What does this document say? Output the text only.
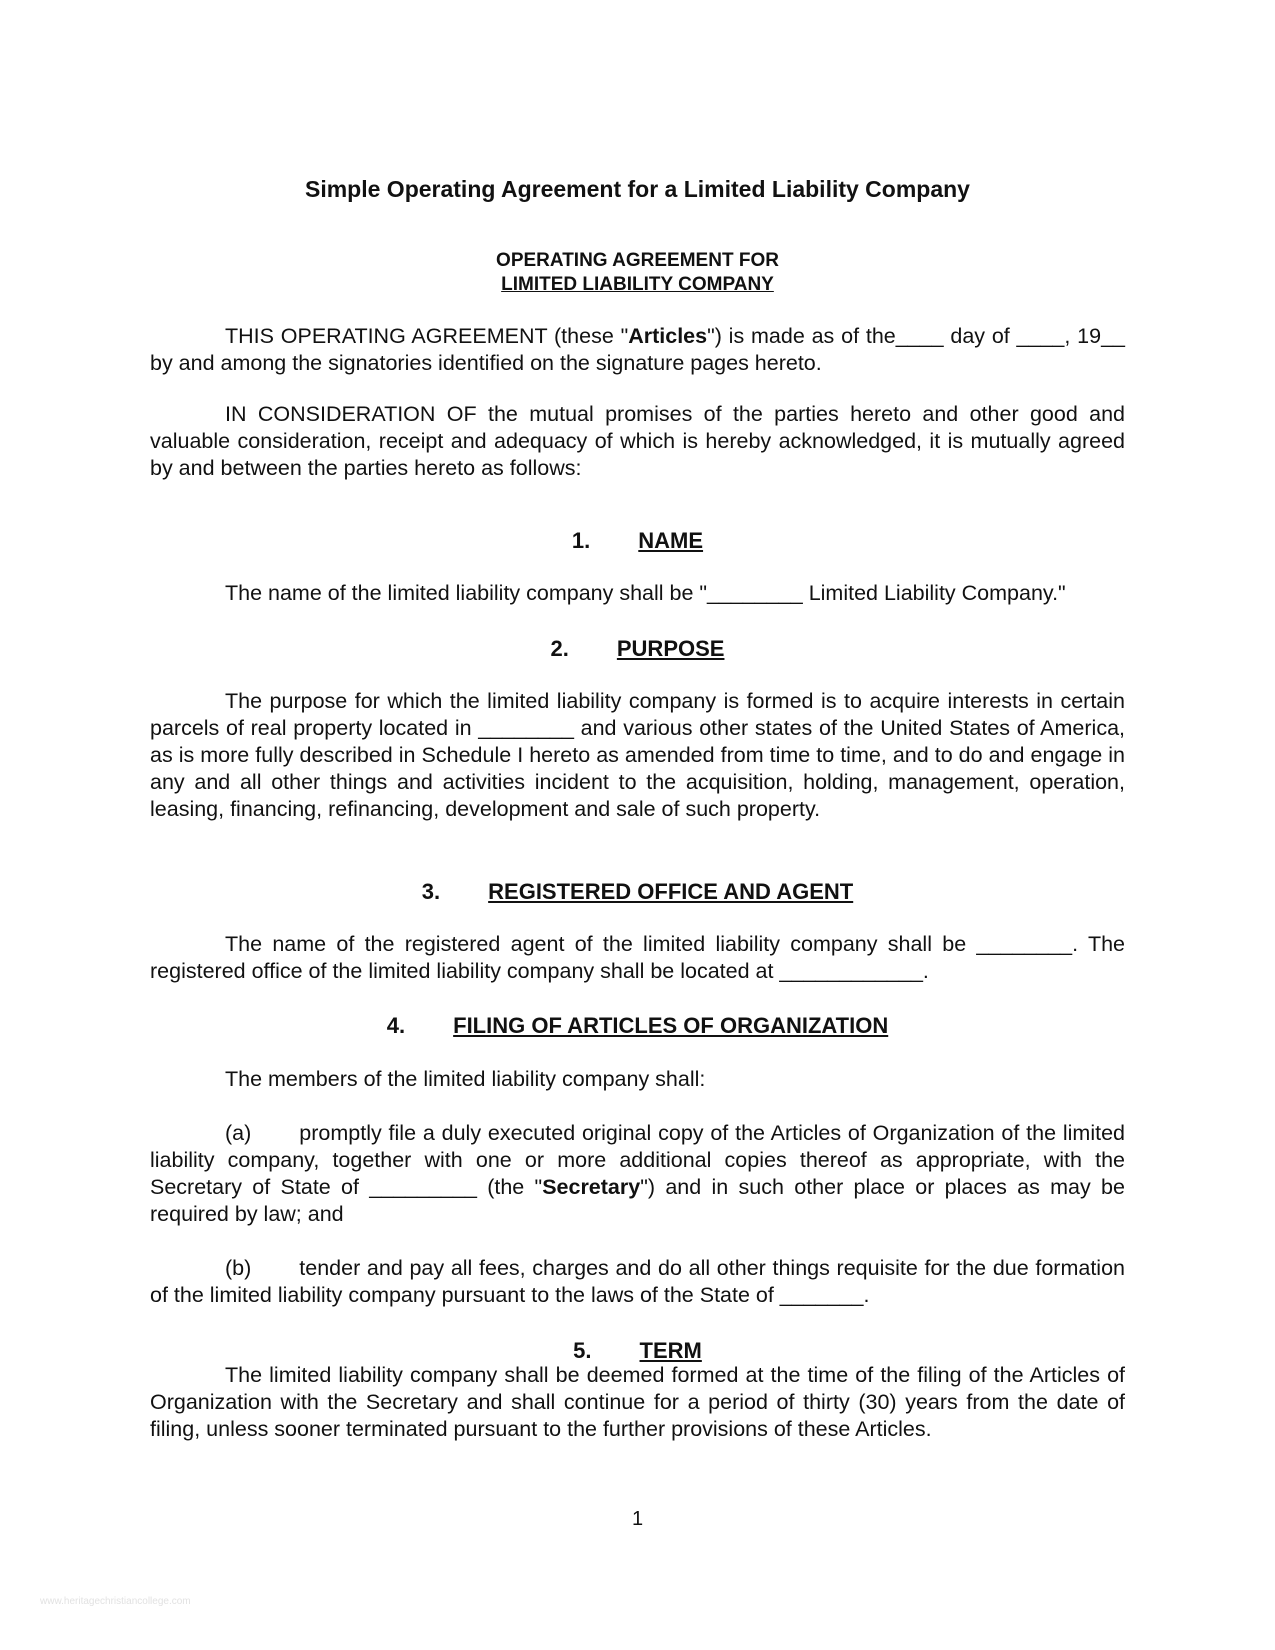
Simple Operating Agreement for a Limited Liability Company
OPERATING AGREEMENT FOR
LIMITED LIABILITY COMPANY

THIS OPERATING AGREEMENT (these "Articles") is made as of the____ day of ____, 19__ by and among the signatories identified on the signature pages hereto.

IN CONSIDERATION OF the mutual promises of the parties hereto and other good and valuable consideration, receipt and adequacy of which is hereby acknowledged, it is mutually agreed by and between the parties hereto as follows:

1. NAME

The name of the limited liability company shall be "________ Limited Liability Company."

2. PURPOSE

The purpose for which the limited liability company is formed is to acquire interests in certain parcels of real property located in ________ and various other states of the United States of America, as is more fully described in Schedule I hereto as amended from time to time, and to do and engage in any and all other things and activities incident to the acquisition, holding, management, operation, leasing, financing, refinancing, development and sale of such property.

3. REGISTERED OFFICE AND AGENT

The name of the registered agent of the limited liability company shall be ________. The registered office of the limited liability company shall be located at ____________.

4. FILING OF ARTICLES OF ORGANIZATION

The members of the limited liability company shall:

(a) promptly file a duly executed original copy of the Articles of Organization of the limited liability company, together with one or more additional copies thereof as appropriate, with the Secretary of State of _________ (the "Secretary") and in such other place or places as may be required by law; and

(b) tender and pay all fees, charges and do all other things requisite for the due formation of the limited liability company pursuant to the laws of the State of _______.

5. TERM

The limited liability company shall be deemed formed at the time of the filing of the Articles of Organization with the Secretary and shall continue for a period of thirty (30) years from the date of filing, unless sooner terminated pursuant to the further provisions of these Articles.

1
www.heritagechristiancollege.com
